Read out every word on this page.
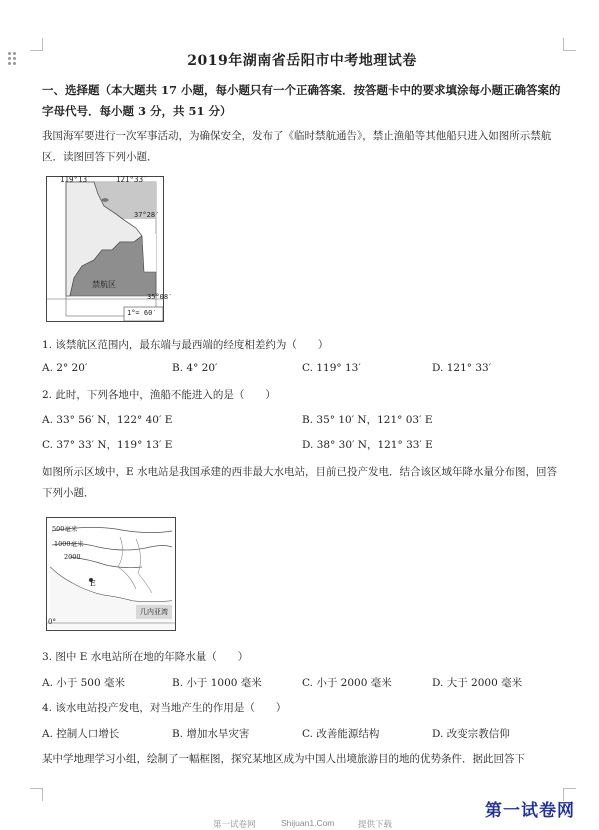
2019年湖南省岳阳市中考地理试卷
一、选择题（本大题共 17 小题，每小题只有一个正确答案．按答题卡中的要求填涂每小题正确答案的字母代号．每小题 3 分，共 51 分）
我国海军要进行一次军事活动，为确保安全，发布了《临时禁航通告》，禁止渔船等其他船只进入如图所示禁航区．读图回答下列小题．
119°13′	121°33′
37°28′
35°08′
1°= 60′
禁航区
1. 该禁航区范围内，最东端与最西端的经度相差约为（　　）
A. 2° 20′	B. 4° 20′	C. 119° 13′	D. 121° 33′
2. 此时，下列各地中，渔船不能进入的是（　　）
A. 33° 56′ N，122° 40′ E	B. 35° 10′ N，121° 03′ E
C. 37° 33′ N，119° 13′ E	D. 38° 30′ N，121° 33′ E
如图所示区域中，E 水电站是我国承建的西非最大水电站，目前已投产发电．结合该区域年降水量分布图，回答下列小题．
500毫米
1000毫米
2000
E
几内亚湾
0°
3. 图中 E 水电站所在地的年降水量（　　）
A. 小于 500 毫米	B. 小于 1000 毫米	C. 小于 2000 毫米	D. 大于 2000 毫米
4. 该水电站投产发电，对当地产生的作用是（　　）
A. 控制人口增长	B. 增加水旱灾害	C. 改善能源结构	D. 改变宗教信仰
某中学地理学习小组，绘制了一幅框图，探究某地区成为中国人出境旅游目的地的优势条件．据此回答下
第一试卷网	Shijuan1.Com	提供下载
第一试卷网
